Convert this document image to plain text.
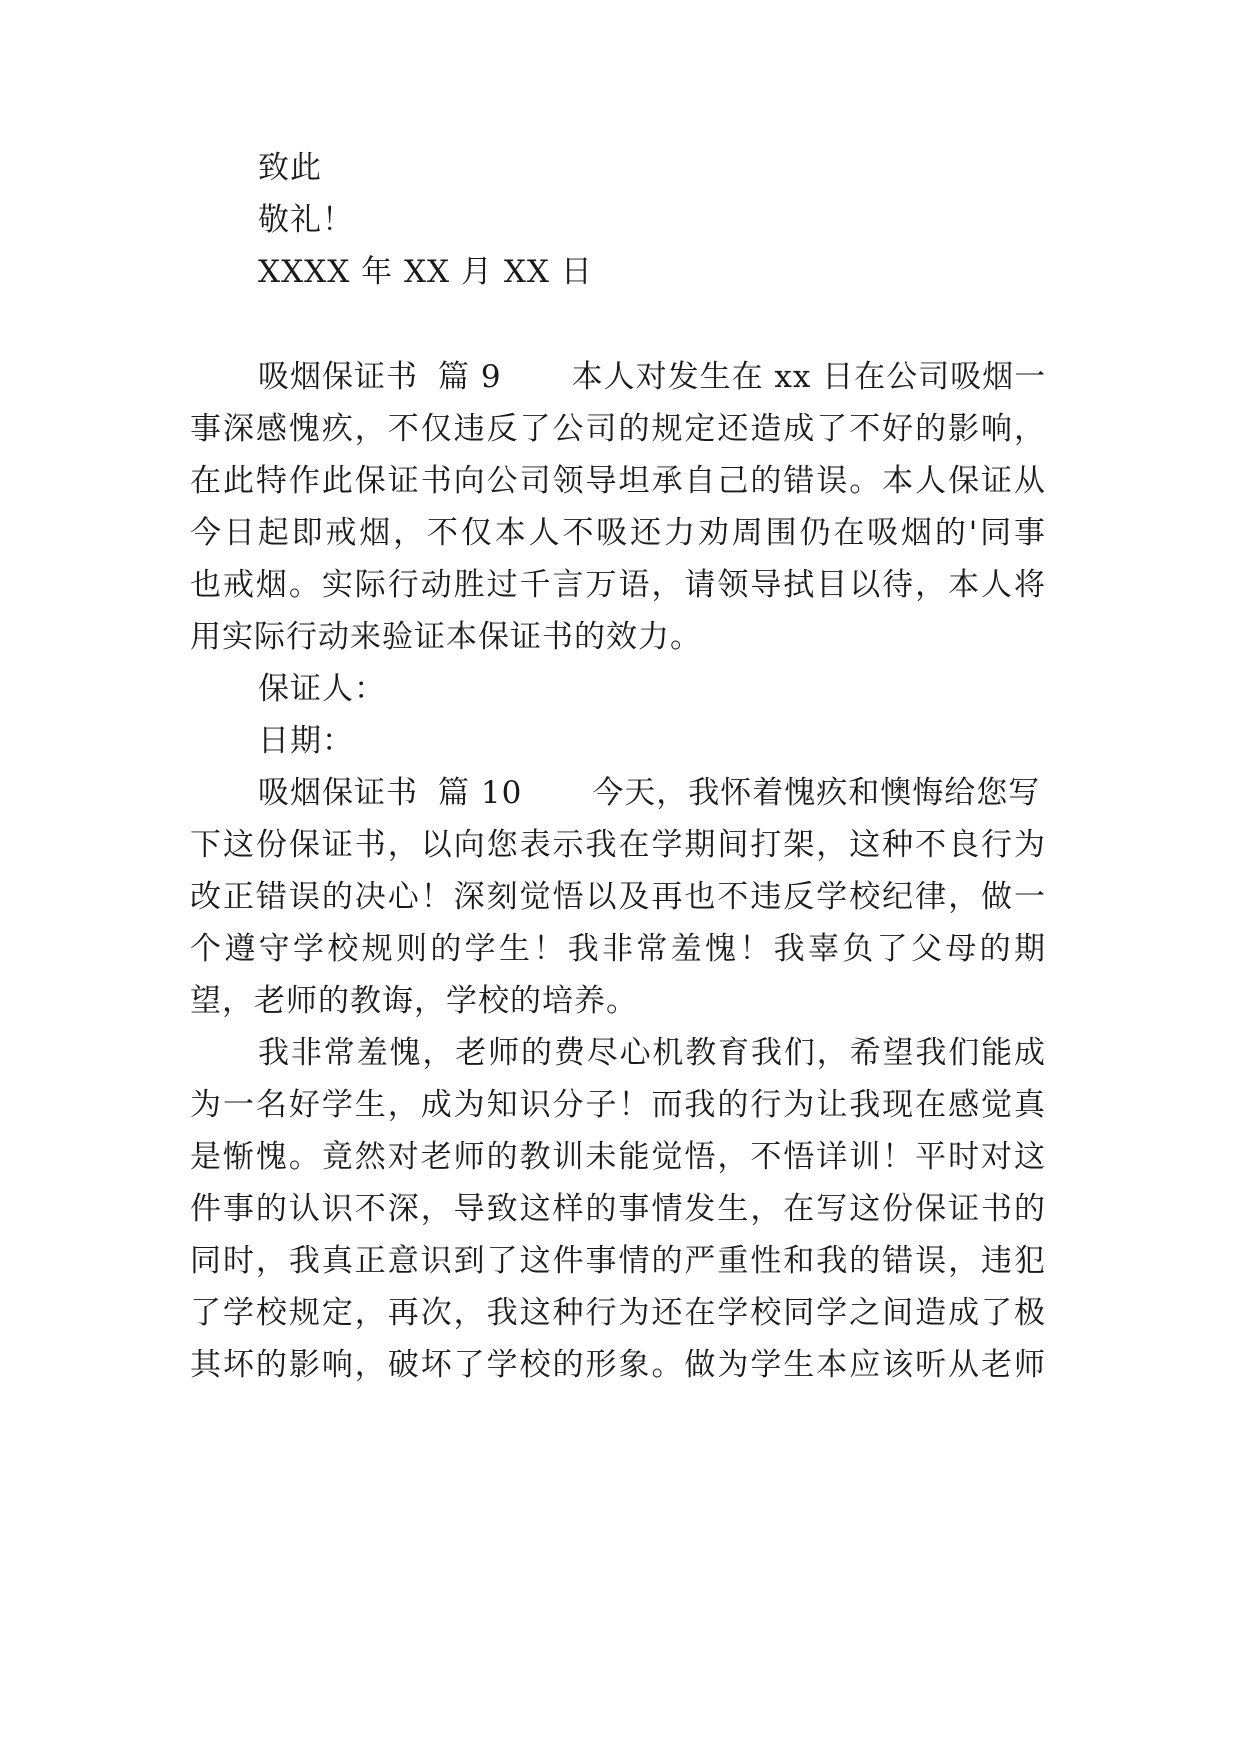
致此
敬礼！
XXXX 年 XX 月 XX 日
吸烟保证书 篇 9 本人对发生在 xx 日在公司吸烟一
事深感愧疚，不仅违反了公司的规定还造成了不好的影响，
在此特作此保证书向公司领导坦承自己的错误。本人保证从
今日起即戒烟，不仅本人不吸还力劝周围仍在吸烟的'同事
也戒烟。实际行动胜过千言万语，请领导拭目以待，本人将
用实际行动来验证本保证书的效力。
保证人：
日期：
吸烟保证书 篇 10 今天，我怀着愧疚和懊悔给您写
下这份保证书，以向您表示我在学期间打架，这种不良行为
改正错误的决心！深刻觉悟以及再也不违反学校纪律，做一
个遵守学校规则的学生！我非常羞愧！我辜负了父母的期
望，老师的教诲，学校的培养。
我非常羞愧，老师的费尽心机教育我们，希望我们能成
为一名好学生，成为知识分子！而我的行为让我现在感觉真
是惭愧。竟然对老师的教训未能觉悟，不悟详训！平时对这
件事的认识不深，导致这样的事情发生，在写这份保证书的
同时，我真正意识到了这件事情的严重性和我的错误，违犯
了学校规定，再次，我这种行为还在学校同学之间造成了极
其坏的影响，破坏了学校的形象。做为学生本应该听从老师
